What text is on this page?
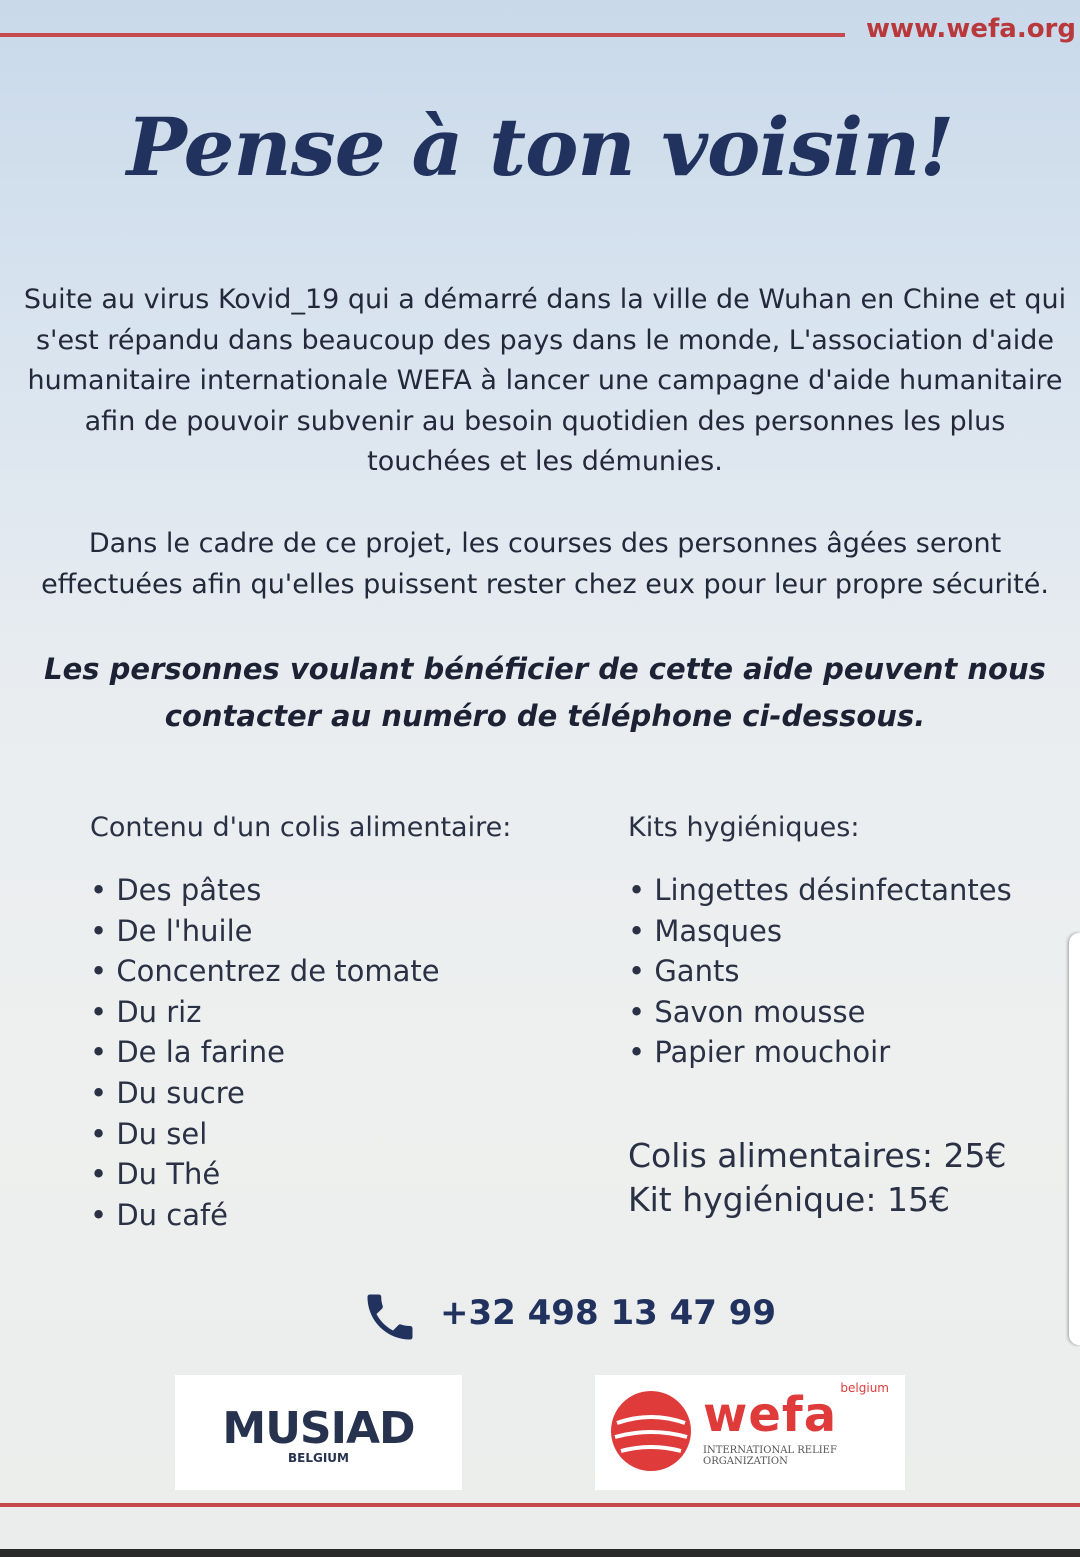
www.wefa.org
Pense à ton voisin!
Suite au virus Kovid_19 qui a démarré dans la ville de Wuhan en Chine et qui s'est répandu dans beaucoup des pays dans le monde, L'association d'aide humanitaire internationale WEFA à lancer une campagne d'aide humanitaire afin de pouvoir subvenir au besoin quotidien des personnes les plus touchées et les démunies.
Dans le cadre de ce projet, les courses des personnes âgées seront effectuées afin qu'elles puissent rester chez eux pour leur propre sécurité.
Les personnes voulant bénéficier de cette aide peuvent nous contacter au numéro de téléphone ci-dessous.
Contenu d'un colis alimentaire:
• Des pâtes
• De l'huile
• Concentrez de tomate
• Du riz
• De la farine
• Du sucre
• Du sel
• Du Thé
• Du café
Kits hygiéniques:
• Lingettes désinfectantes
• Masques
• Gants
• Savon mousse
• Papier mouchoir
Colis alimentaires: 25€
Kit hygiénique: 15€
+32 498 13 47 99
MUSIAD
BELGIUM
belgium
wefa
INTERNATIONAL RELIEF ORGANIZATION
